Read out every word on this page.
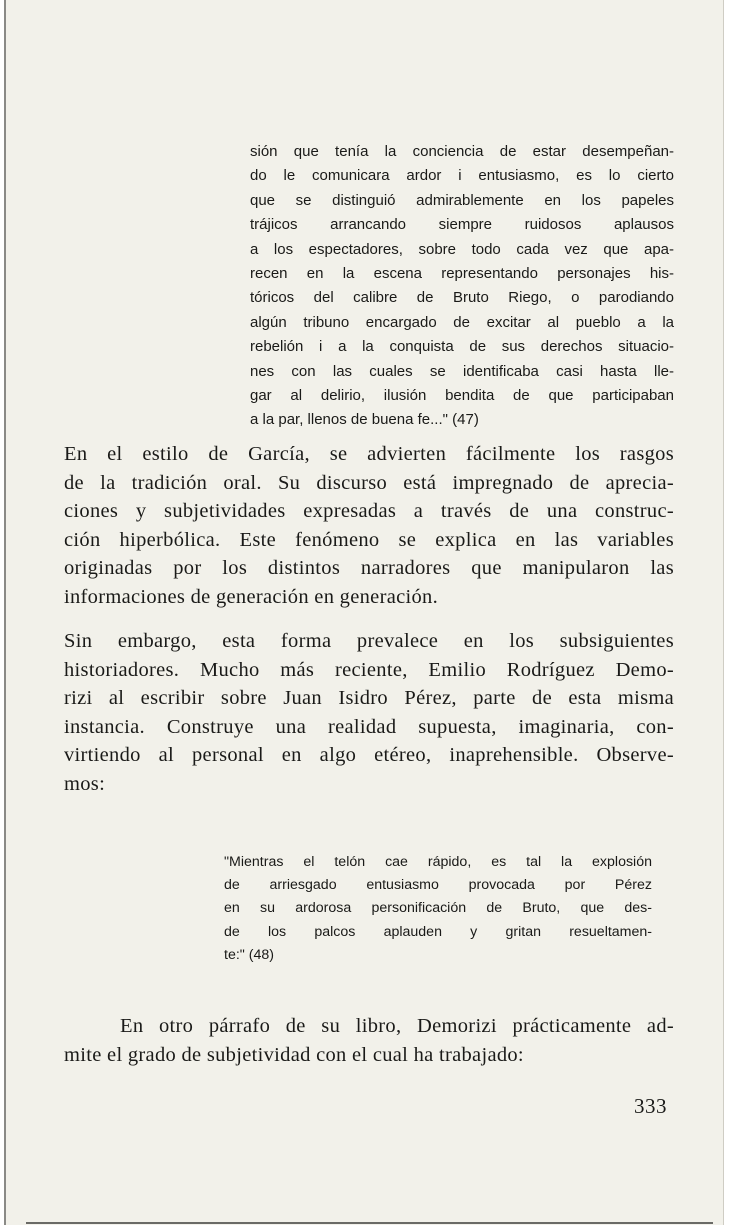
sión que tenía la conciencia de estar desempeñan-
do le comunicara ardor i entusiasmo, es lo cierto
que se distinguió admirablemente en los papeles
trájicos arrancando siempre ruidosos aplausos
a los espectadores, sobre todo cada vez que apa-
recen en la escena representando personajes his-
tóricos del calibre de Bruto Riego, o parodiando
algún tribuno encargado de excitar al pueblo a la
rebelión i a la conquista de sus derechos situacio-
nes con las cuales se identificaba casi hasta lle-
gar al delirio, ilusión bendita de que participaban
a la par, llenos de buena fe..." (47)
En el estilo de García, se advierten fácilmente los rasgos
de la tradición oral. Su discurso está impregnado de aprecia-
ciones y subjetividades expresadas a través de una construc-
ción hiperbólica. Este fenómeno se explica en las variables
originadas por los distintos narradores que manipularon las
informaciones de generación en generación.
Sin embargo, esta forma prevalece en los subsiguientes
historiadores. Mucho más reciente, Emilio Rodríguez Demo-
rizi al escribir sobre Juan Isidro Pérez, parte de esta misma
instancia. Construye una realidad supuesta, imaginaria, con-
virtiendo al personal en algo etéreo, inaprehensible. Observe-
mos:
"Mientras el telón cae rápido, es tal la explosión
de arriesgado entusiasmo provocada por Pérez
en su ardorosa personificación de Bruto, que des-
de los palcos aplauden y gritan resueltamen-
te:" (48)
En otro párrafo de su libro, Demorizi prácticamente ad-
mite el grado de subjetividad con el cual ha trabajado:
333
